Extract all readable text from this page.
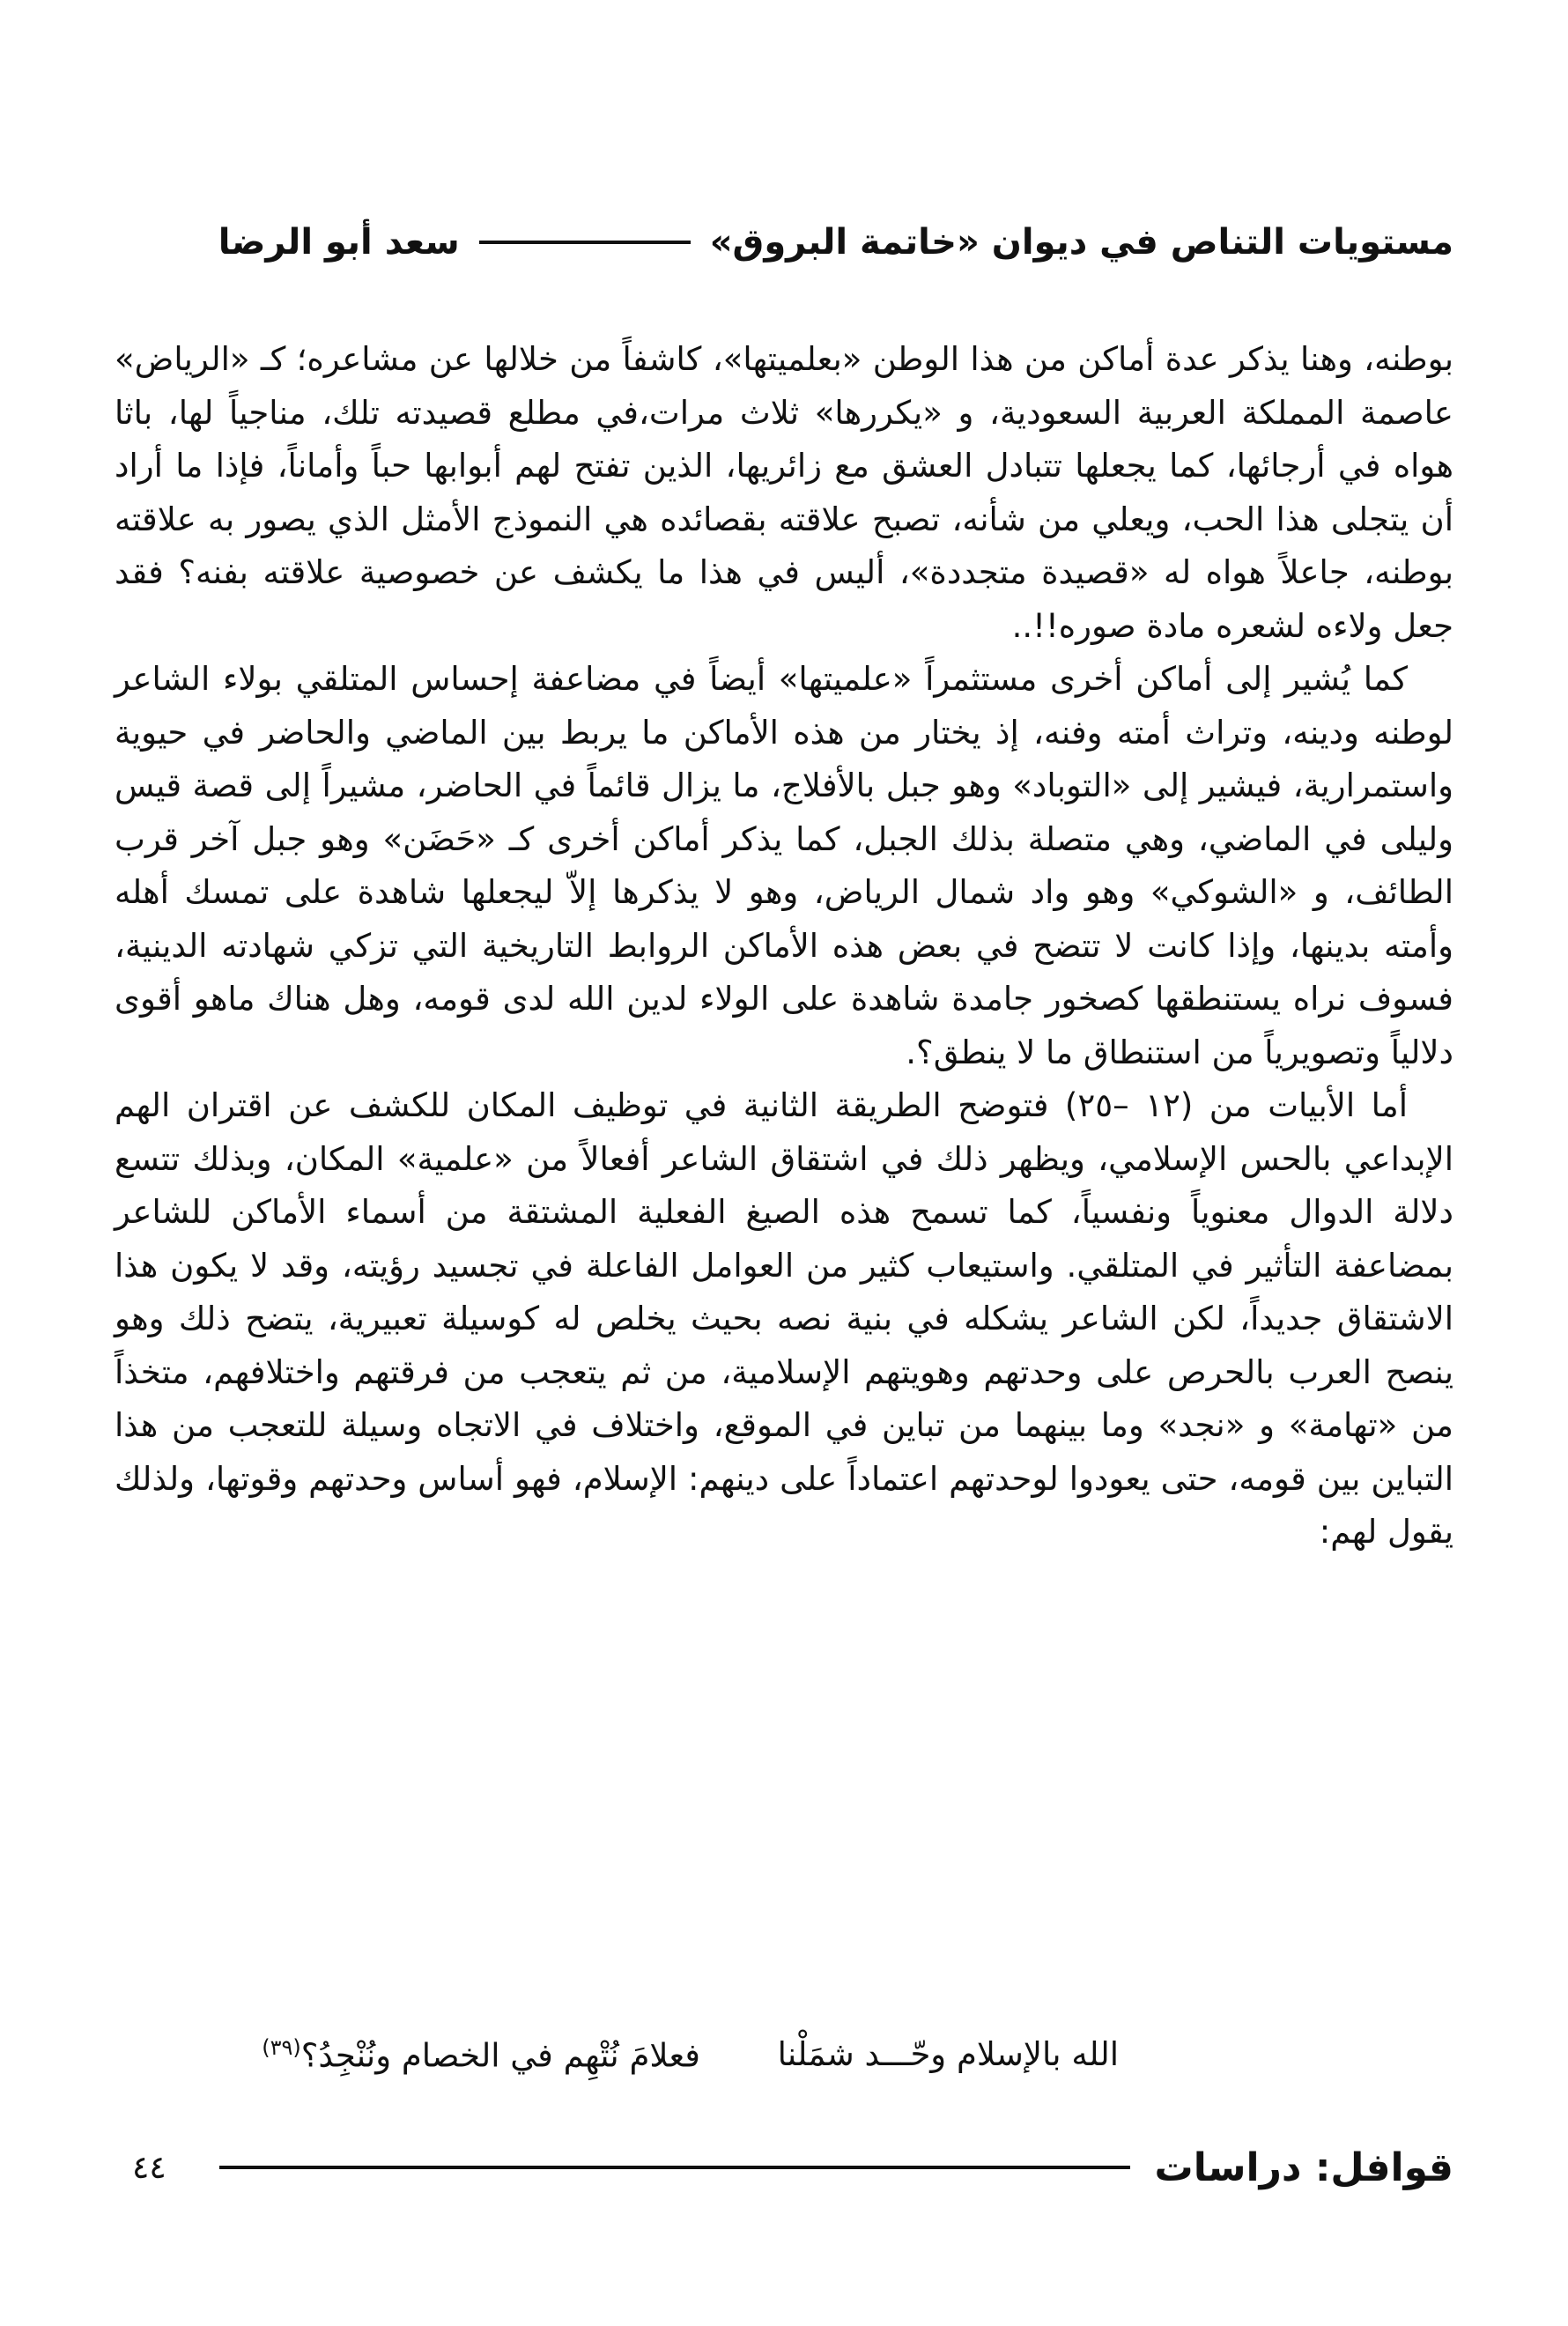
مستويات التناص في ديوان «خاتمة البروق»
سعد أبو الرضا

بوطنه، وهنا يذكر عدة أماكن من هذا الوطن «بعلميتها»، كاشفاً من خلالها عن مشاعره؛ كـ «الرياض» عاصمة المملكة العربية السعودية، و «يكررها» ثلاث مرات،في مطلع قصيدته تلك، مناجياً لها، باثا هواه في أرجائها، كما يجعلها تتبادل العشق مع زائريها، الذين تفتح لهم أبوابها حباً وأماناً، فإذا ما أراد أن يتجلى هذا الحب، ويعلي من شأنه، تصبح علاقته بقصائده هي النموذج الأمثل الذي يصور به علاقته بوطنه، جاعلاً هواه له «قصيدة متجددة»، أليس في هذا ما يكشف عن خصوصية علاقته بفنه؟ فقد جعل ولاءه لشعره مادة صوره!!..

كما يُشير إلى أماكن أخرى مستثمراً «علميتها» أيضاً في مضاعفة إحساس المتلقي بولاء الشاعر لوطنه ودينه، وتراث أمته وفنه، إذ يختار من هذه الأماكن ما يربط بين الماضي والحاضر في حيوية واستمرارية، فيشير إلى «التوباد» وهو جبل بالأفلاج، ما يزال قائماً في الحاضر، مشيراً إلى قصة قيس وليلى في الماضي، وهي متصلة بذلك الجبل، كما يذكر أماكن أخرى كـ «حَضَن» وهو جبل آخر قرب الطائف، و «الشوكي» وهو واد شمال الرياض، وهو لا يذكرها إلاّ ليجعلها شاهدة على تمسك أهله وأمته بدينها، وإذا كانت لا تتضح في بعض هذه الأماكن الروابط التاريخية التي تزكي شهادته الدينية، فسوف نراه يستنطقها كصخور جامدة شاهدة على الولاء لدين الله لدى قومه، وهل هناك ماهو أقوى دلالياً وتصويرياً من استنطاق ما لا ينطق؟.

أما الأبيات من (١٢ –٢٥) فتوضح الطريقة الثانية في توظيف المكان للكشف عن اقتران الهم الإبداعي بالحس الإسلامي، ويظهر ذلك في اشتقاق الشاعر أفعالاً من «علمية» المكان، وبذلك تتسع دلالة الدوال معنوياً ونفسياً، كما تسمح هذه الصيغ الفعلية المشتقة من أسماء الأماكن للشاعر بمضاعفة التأثير في المتلقي. واستيعاب كثير من العوامل الفاعلة في تجسيد رؤيته، وقد لا يكون هذا الاشتقاق جديداً، لكن الشاعر يشكله في بنية نصه بحيث يخلص له كوسيلة تعبيرية، يتضح ذلك وهو ينصح العرب بالحرص على وحدتهم وهويتهم الإسلامية، من ثم يتعجب من فرقتهم واختلافهم، متخذاً من «تهامة» و «نجد» وما بينهما من تباين في الموقع، واختلاف في الاتجاه وسيلة للتعجب من هذا التباين بين قومه، حتى يعودوا لوحدتهم اعتماداً على دينهم: الإسلام، فهو أساس وحدتهم وقوتها، ولذلك يقول لهم:

الله بالإسلام وحّـــد شمَلْنا
فعلامَ نُتْهِم في الخصام ونُنْجِدُ؟$^{(٣٩)}$
قوافل: دراسات
٤٤
